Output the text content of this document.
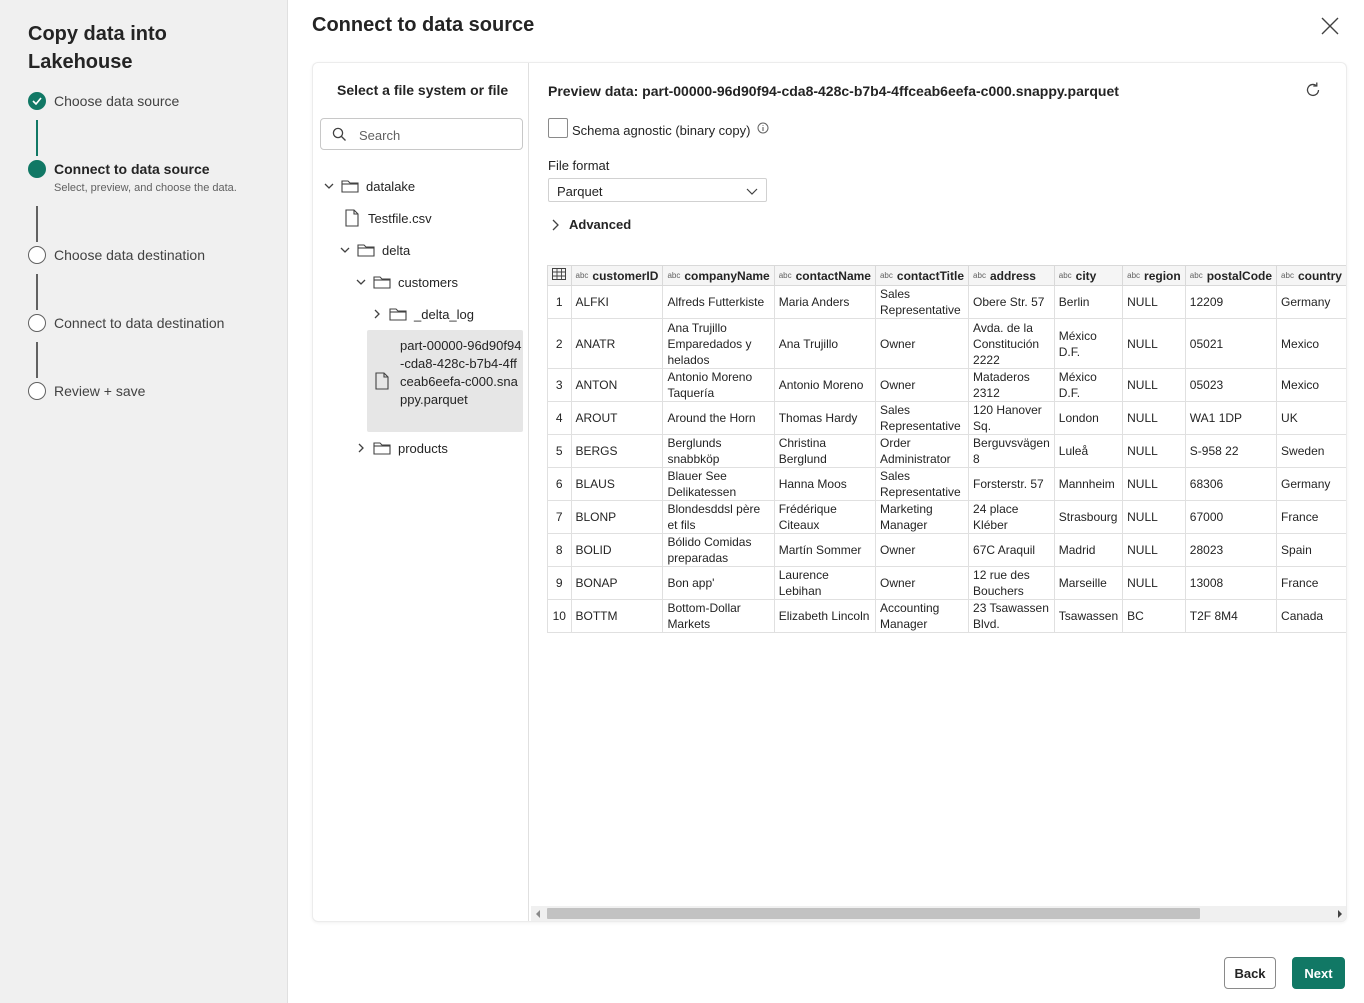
Copy data into Lakehouse
Choose data source
Connect to data source
Select, preview, and choose the data.
Choose data destination
Connect to data destination
Review + save
Connect to data source
Select a file system or file
Search
datalake
Testfile.csv
delta
customers
_delta_log
part-00000-96d90f94-cda8-428c-b7b4-4ffceab6eefa-c000.snappy.parquet
products
Preview data: part-00000-96d90f94-cda8-428c-b7b4-4ffceab6eefa-c000.snappy.parquet
Schema agnostic (binary copy)
File format
Parquet
Advanced
	abc customerID	abc companyName	abc contactName	abc contactTitle	abc address	abc city	abc region	abc postalCode	abc country
1	ALFKI	Alfreds Futterkiste	Maria Anders	Sales Representative	Obere Str. 57	Berlin	NULL	12209	Germany
2	ANATR	Ana Trujillo Emparedados y helados	Ana Trujillo	Owner	Avda. de la Constitución 2222	México D.F.	NULL	05021	Mexico
3	ANTON	Antonio Moreno Taquería	Antonio Moreno	Owner	Mataderos 2312	México D.F.	NULL	05023	Mexico
4	AROUT	Around the Horn	Thomas Hardy	Sales Representative	120 Hanover Sq.	London	NULL	WA1 1DP	UK
5	BERGS	Berglunds snabbköp	Christina Berglund	Order Administrator	Berguvsvägen 8	Luleå	NULL	S-958 22	Sweden
6	BLAUS	Blauer See Delikatessen	Hanna Moos	Sales Representative	Forsterstr. 57	Mannheim	NULL	68306	Germany
7	BLONP	Blondesddsl père et fils	Frédérique Citeaux	Marketing Manager	24 place Kléber	Strasbourg	NULL	67000	France
8	BOLID	Bólido Comidas preparadas	Martín Sommer	Owner	67C Araquil	Madrid	NULL	28023	Spain
9	BONAP	Bon app'	Laurence Lebihan	Owner	12 rue des Bouchers	Marseille	NULL	13008	France
10	BOTTM	Bottom-Dollar Markets	Elizabeth Lincoln	Accounting Manager	23 Tsawassen Blvd.	Tsawassen	BC	T2F 8M4	Canada
Back	Next
